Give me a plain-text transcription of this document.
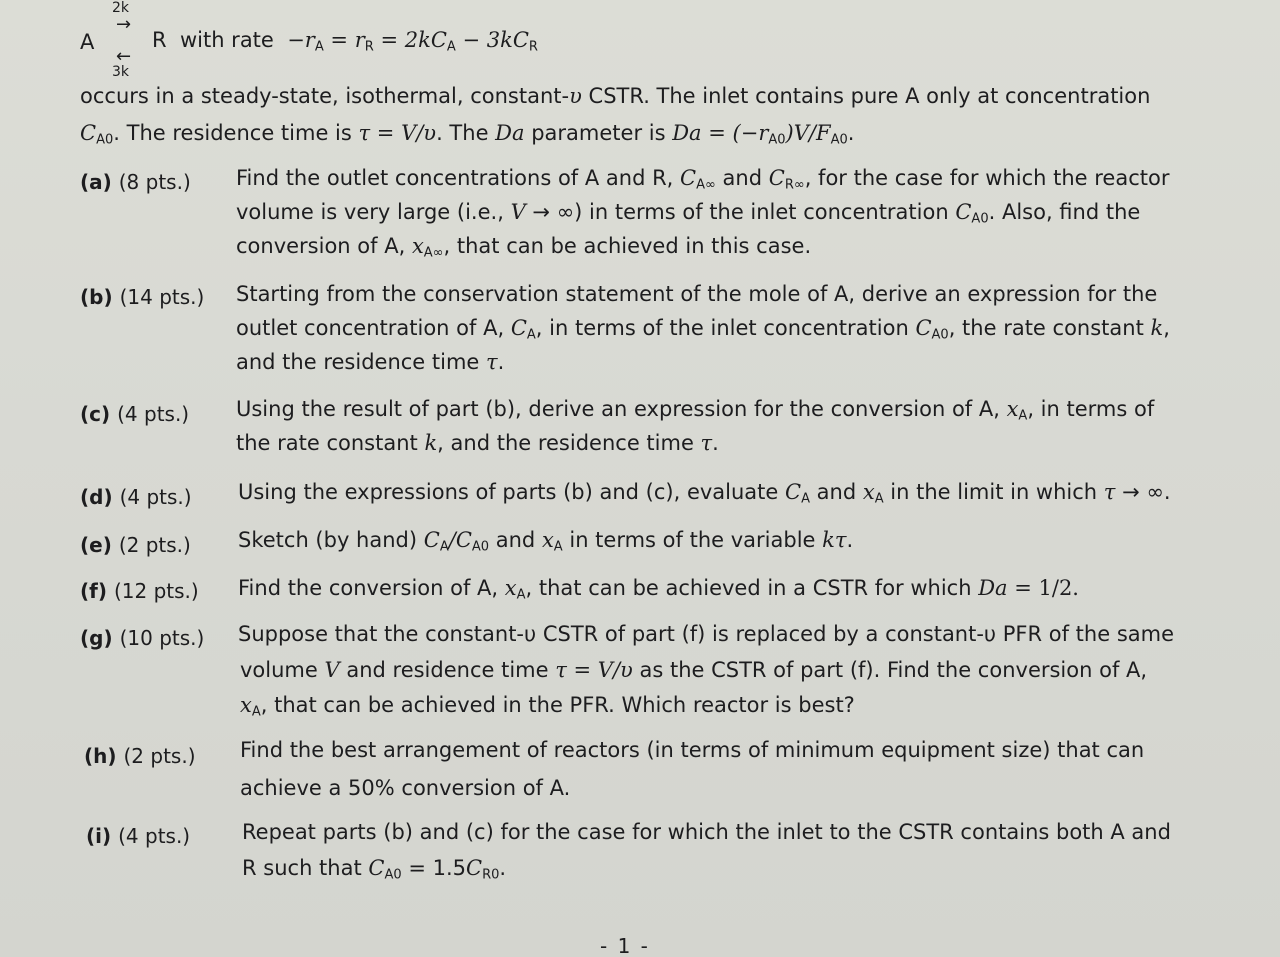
2k
→
A
←
3k
R with rate $-r_A = r_R = 2kC_A - 3kC_R$
occurs in a steady-state, isothermal, constant-υ CSTR. The inlet contains pure A only at concentration
$C_{A0}$. The residence time is τ = V/υ. The Da parameter is $Da = (-r_{A0})V/F_{A0}$.
(a) (8 pts.)
(b) (14 pts.)
(c) (4 pts.)
(d) (4 pts.)
(e) (2 pts.)
(f) (12 pts.)
(g) (10 pts.)
(h) (2 pts.)
(i) (4 pts.)
Find the outlet concentrations of A and R, $C_{A\infty}$ and $C_{R\infty}$, for the case for which the reactor
volume is very large (i.e., V → ∞) in terms of the inlet concentration $C_{A0}$. Also, find the
conversion of A, $x_{A\infty}$, that can be achieved in this case.
Starting from the conservation statement of the mole of A, derive an expression for the
outlet concentration of A, $C_A$, in terms of the inlet concentration $C_{A0}$, the rate constant k,
and the residence time τ.
Using the result of part (b), derive an expression for the conversion of A, $x_A$, in terms of
the rate constant k, and the residence time τ.
Using the expressions of parts (b) and (c), evaluate $C_A$ and $x_A$ in the limit in which τ → ∞.
Sketch (by hand) $C_A/C_{A0}$ and $x_A$ in terms of the variable kτ.
Find the conversion of A, $x_A$, that can be achieved in a CSTR for which Da = 1/2.
Suppose that the constant-υ CSTR of part (f) is replaced by a constant-υ PFR of the same
volume V and residence time τ = V/υ as the CSTR of part (f). Find the conversion of A,
$x_A$, that can be achieved in the PFR. Which reactor is best?
Find the best arrangement of reactors (in terms of minimum equipment size) that can
achieve a 50% conversion of A.
Repeat parts (b) and (c) for the case for which the inlet to the CSTR contains both A and
R such that $C_{A0} = 1.5C_{R0}$.
- 1 -
